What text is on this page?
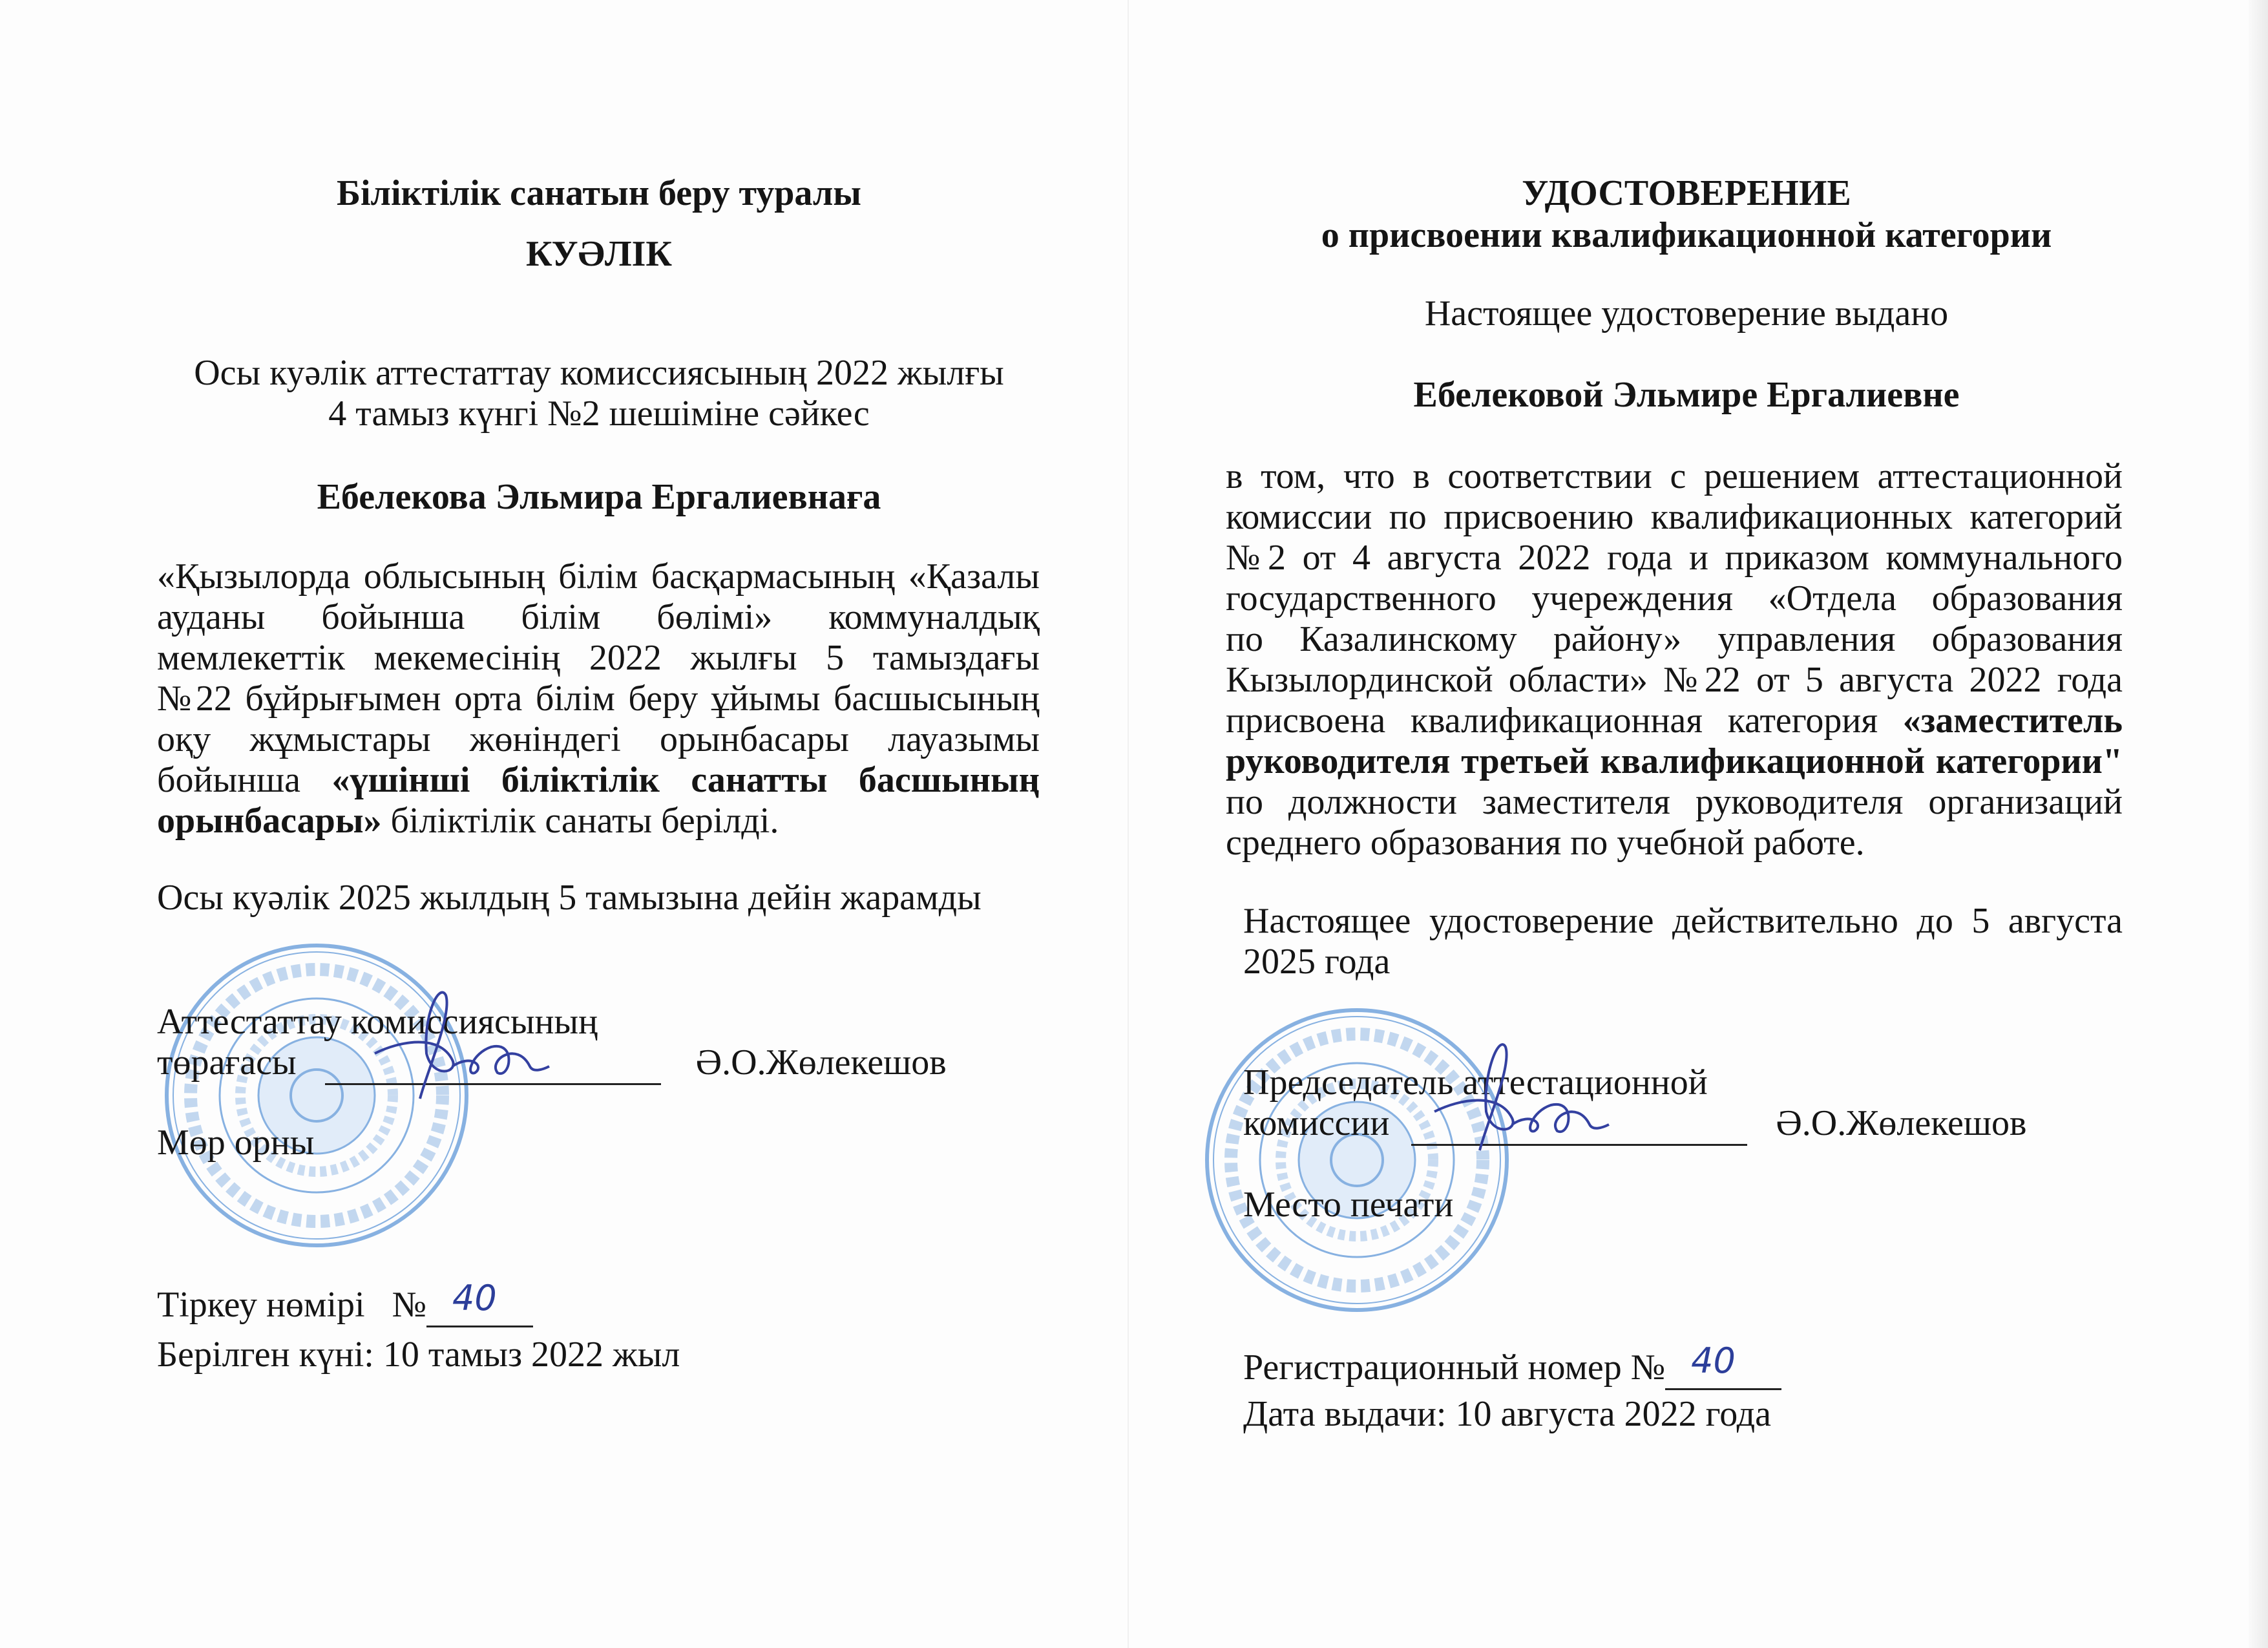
Біліктілік санатын беру туралы
КУӘЛІК
Осы куәлік аттестаттау комиссиясының 2022 жылғы
4 тамыз күнгі №2 шешіміне сәйкес
Ебелекова Эльмира Ергалиевнаға
«Қызылорда облысының білім басқармасының «Қазалы
ауданы бойынша білім бөлімі» коммуналдық
мемлекеттік мекемесінің 2022 жылғы 5 тамыздағы
№22 бұйрығымен орта білім беру ұйымы басшысының
оқу жұмыстары жөніндегі орынбасары лауазымы
бойынша «үшінші біліктілік санатты басшының
орынбасары» біліктілік санаты берілді.
Осы куәлік 2025 жылдың 5 тамызына дейін жарамды
Аттестаттау комиссиясының
төрағасы	Ә.О.Жөлекешов
Мөр орны
Тіркеу нөмірі   № 40
Берілген күні: 10 тамыз 2022 жыл
УДОСТОВЕРЕНИЕ
о присвоении квалификационной категории
Настоящее удостоверение выдано
Ебелековой Эльмире Ергалиевне
в том, что в соответствии с решением аттестационной
комиссии по присвоению квалификационных категорий
№2 от 4 августа 2022 года и приказом коммунального
государственного учереждения «Отдела образования
по Казалинскому району» управления образования
Кызылординской области» №22 от 5 августа 2022 года
присвоена квалификационная категория «заместитель
руководителя третьей квалификационной категории"
по должности заместителя руководителя организаций
среднего образования по учебной работе.
Настоящее удостоверение действительно до 5 августа
2025 года
Председатель аттестационной
комиссии	Ә.О.Жөлекешов
Место печати
Регистрационный номер № 40
Дата выдачи: 10 августа 2022 года
